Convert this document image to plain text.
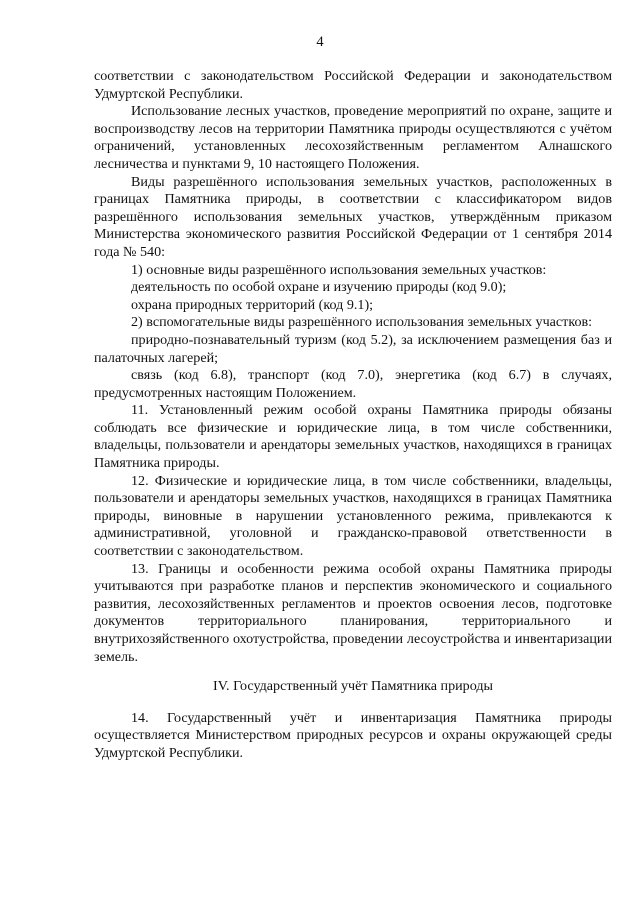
4

соответствии с законодательством Российской Федерации и законодательством Удмуртской Республики.

Использование лесных участков, проведение мероприятий по охране, защите и воспроизводству лесов на территории Памятника природы осуществляются с учётом ограничений, установленных лесохозяйственным регламентом Алнашского лесничества и пунктами 9, 10 настоящего Положения.

Виды разрешённого использования земельных участков, расположенных в границах Памятника природы, в соответствии с классификатором видов разрешённого использования земельных участков, утверждённым приказом Министерства экономического развития Российской Федерации от 1 сентября 2014 года № 540:

1) основные виды разрешённого использования земельных участков:

деятельность по особой охране и изучению природы (код 9.0);

охрана природных территорий (код 9.1);

2) вспомогательные виды разрешённого использования земельных участков:

природно-познавательный туризм (код 5.2), за исключением размещения баз и палаточных лагерей;

связь (код 6.8), транспорт (код 7.0), энергетика (код 6.7) в случаях, предусмотренных настоящим Положением.

11. Установленный режим особой охраны Памятника природы обязаны соблюдать все физические и юридические лица, в том числе собственники, владельцы, пользователи и арендаторы земельных участков, находящихся в границах Памятника природы.

12. Физические и юридические лица, в том числе собственники, владельцы, пользователи и арендаторы земельных участков, находящихся в границах Памятника природы, виновные в нарушении установленного режима, привлекаются к административной, уголовной и гражданско-правовой ответственности в соответствии с законодательством.

13. Границы и особенности режима особой охраны Памятника природы учитываются при разработке планов и перспектив экономического и социального развития, лесохозяйственных регламентов и проектов освоения лесов, подготовке документов территориального планирования, территориального и внутрихозяйственного охотустройства, проведении лесоустройства и инвентаризации земель.

IV. Государственный учёт Памятника природы

14. Государственный учёт и инвентаризация Памятника природы осуществляется Министерством природных ресурсов и охраны окружающей среды Удмуртской Республики.
